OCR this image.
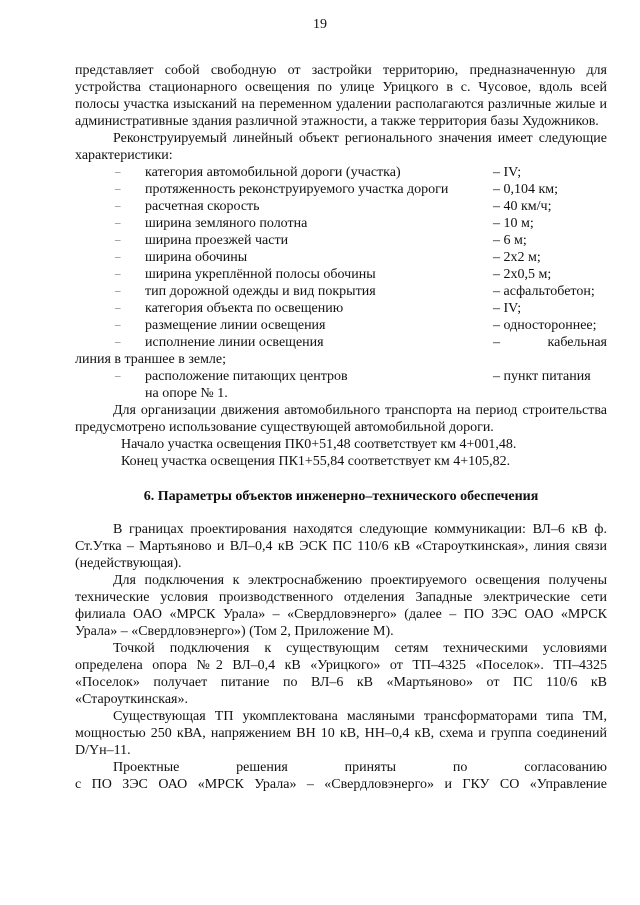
19

представляет собой свободную от застройки территорию, предназначенную для устройства стационарного освещения по улице Урицкого в с. Чусовое, вдоль всей полосы участка изысканий на переменном удалении располагаются различные жилые и административные здания различной этажности, а также территория базы Художников.

Реконструируемый линейный объект регионального значения имеет следующие характеристики:

–	категория автомобильной дороги (участка)	– IV;
–	протяженность реконструируемого участка дороги	– 0,104 км;
–	расчетная скорость	– 40 км/ч;
–	ширина земляного полотна	– 10 м;
–	ширина проезжей части	– 6 м;
–	ширина обочины	– 2х2 м;
–	ширина укреплённой полосы обочины	– 2х0,5 м;
–	тип дорожной одежды и вид покрытия	– асфальтобетон;
–	категория объекта по освещению	– IV;
–	размещение линии освещения	– одностороннее;
–	исполнение линии освещения	–	кабельная
линия в траншее в земле;
–	расположение питающих центров	– пункт питания
на опоре № 1.

Для организации движения автомобильного транспорта на период строительства предусмотрено использование существующей автомобильной дороги.

Начало участка освещения ПК0+51,48 соответствует км 4+001,48.
Конец участка освещения ПК1+55,84 соответствует км 4+105,82.
6. Параметры объектов инженерно–технического обеспечения

В границах проектирования находятся следующие коммуникации: ВЛ–6 кВ ф. Ст.Утка – Мартьяново и ВЛ–0,4 кВ ЭСК ПС 110/6 кВ «Староуткинская», линия связи (недействующая).

Для подключения к электроснабжению проектируемого освещения получены технические условия производственного отделения Западные электрические сети филиала ОАО «МРСК Урала» – «Свердловэнерго» (далее – ПО ЗЭС ОАО «МРСК Урала» – «Свердловэнерго») (Том 2, Приложение М).

Точкой подключения к существующим сетям техническими условиями определена опора №2 ВЛ–0,4 кВ «Урицкого» от ТП–4325 «Поселок». ТП–4325 «Поселок» получает питание по ВЛ–6 кВ «Мартьяново» от ПС 110/6 кВ «Староуткинская».

Существующая ТП укомплектована масляными трансформаторами типа ТМ, мощностью 250 кВА, напряжением ВН 10 кВ, НН–0,4 кВ, схема и группа соединений D/Yн–11.

Проектные решения приняты по согласованию

с ПО ЗЭС ОАО «МРСК Урала» – «Свердловэнерго» и ГКУ СО «Управление
